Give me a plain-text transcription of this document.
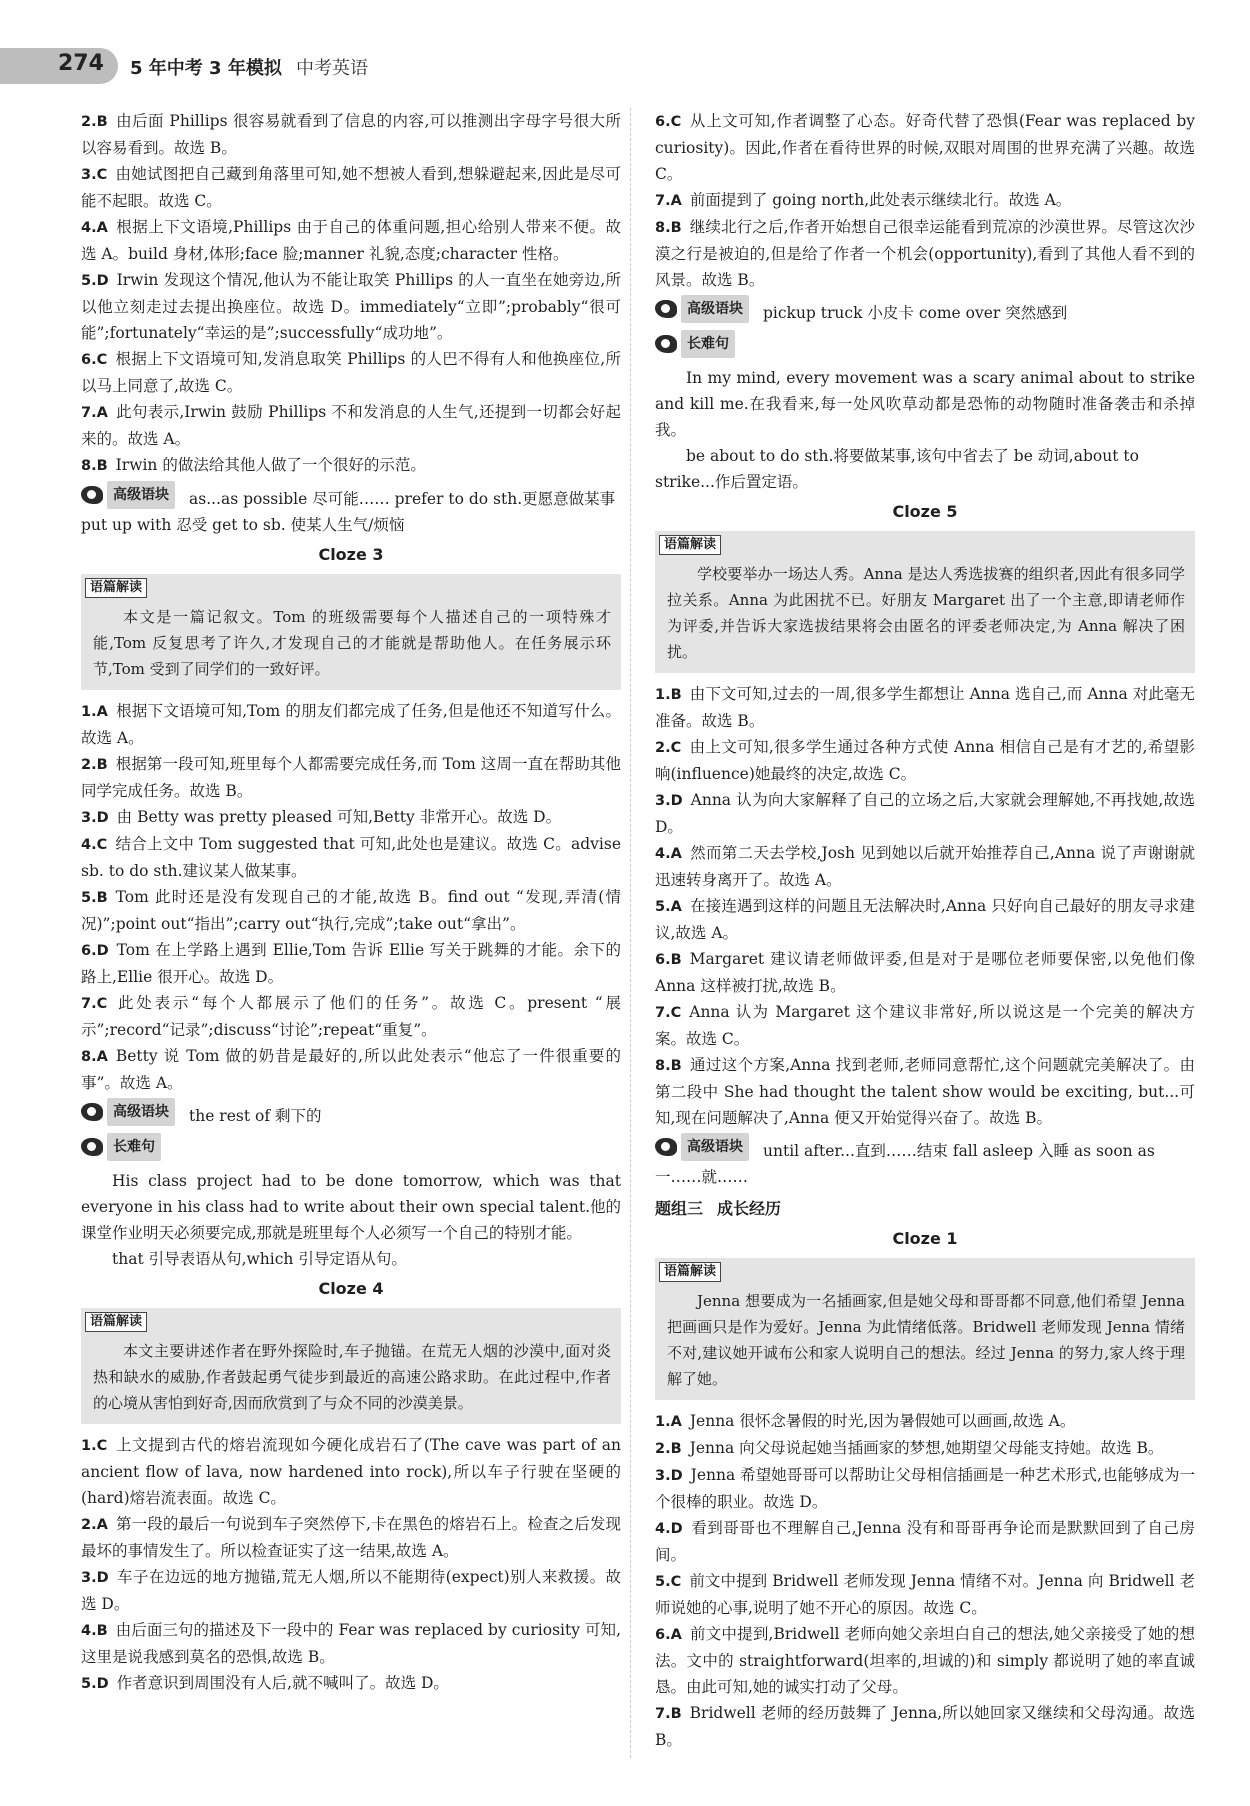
274 5 年中考 3 年模拟 中考英语
2.B 由后面 Phillips 很容易就看到了信息的内容,可以推测出字母字号很大所以容易看到。故选 B。
3.C 由她试图把自己藏到角落里可知,她不想被人看到,想躲避起来,因此是尽可能不起眼。故选 C。
4.A 根据上下文语境,Phillips 由于自己的体重问题,担心给别人带来不便。故选 A。build 身材,体形;face 脸;manner 礼貌,态度;character 性格。
5.D Irwin 发现这个情况,他认为不能让取笑 Phillips 的人一直坐在她旁边,所以他立刻走过去提出换座位。故选 D。immediately“立即”;probably“很可能”;fortunately“幸运的是”;successfully“成功地”。
6.C 根据上下文语境可知,发消息取笑 Phillips 的人巴不得有人和他换座位,所以马上同意了,故选 C。
7.A 此句表示,Irwin 鼓励 Phillips 不和发消息的人生气,还提到一切都会好起来的。故选 A。
8.B Irwin 的做法给其他人做了一个很好的示范。
高级语块	as...as possible 尽可能…… prefer to do sth.更愿意做某事 put up with 忍受 get to sb. 使某人生气/烦恼
Cloze 3
语篇解读
本文是一篇记叙文。Tom 的班级需要每个人描述自己的一项特殊才能,Tom 反复思考了许久,才发现自己的才能就是帮助他人。在任务展示环节,Tom 受到了同学们的一致好评。
1.A 根据下文语境可知,Tom 的朋友们都完成了任务,但是他还不知道写什么。故选 A。
2.B 根据第一段可知,班里每个人都需要完成任务,而 Tom 这周一直在帮助其他同学完成任务。故选 B。
3.D 由 Betty was pretty pleased 可知,Betty 非常开心。故选 D。
4.C 结合上文中 Tom suggested that 可知,此处也是建议。故选 C。advise sb. to do sth.建议某人做某事。
5.B Tom 此时还是没有发现自己的才能,故选 B。find out “发现,弄清(情况)”;point out“指出”;carry out“执行,完成”;take out“拿出”。
6.D Tom 在上学路上遇到 Ellie,Tom 告诉 Ellie 写关于跳舞的才能。余下的路上,Ellie 很开心。故选 D。
7.C 此处表示“每个人都展示了他们的任务”。故选 C。present “展示”;record“记录”;discuss“讨论”;repeat“重复”。
8.A Betty 说 Tom 做的奶昔是最好的,所以此处表示“他忘了一件很重要的事”。故选 A。
高级语块	the rest of 剩下的
长难句
His class project had to be done tomorrow, which was that everyone in his class had to write about their own special talent.他的课堂作业明天必须要完成,那就是班里每个人必须写一个自己的特别才能。
that 引导表语从句,which 引导定语从句。
Cloze 4
语篇解读
本文主要讲述作者在野外探险时,车子抛锚。在荒无人烟的沙漠中,面对炎热和缺水的威胁,作者鼓起勇气徒步到最近的高速公路求助。在此过程中,作者的心境从害怕到好奇,因而欣赏到了与众不同的沙漠美景。
1.C 上文提到古代的熔岩流现如今硬化成岩石了(The cave was part of an ancient flow of lava, now hardened into rock),所以车子行驶在坚硬的(hard)熔岩流表面。故选 C。
2.A 第一段的最后一句说到车子突然停下,卡在黑色的熔岩石上。检查之后发现最坏的事情发生了。所以检查证实了这一结果,故选 A。
3.D 车子在边远的地方抛锚,荒无人烟,所以不能期待(expect)别人来救援。故选 D。
4.B 由后面三句的描述及下一段中的 Fear was replaced by curiosity 可知,这里是说我感到莫名的恐惧,故选 B。
5.D 作者意识到周围没有人后,就不喊叫了。故选 D。
6.C 从上文可知,作者调整了心态。好奇代替了恐惧(Fear was replaced by curiosity)。因此,作者在看待世界的时候,双眼对周围的世界充满了兴趣。故选 C。
7.A 前面提到了 going north,此处表示继续北行。故选 A。
8.B 继续北行之后,作者开始想自己很幸运能看到荒凉的沙漠世界。尽管这次沙漠之行是被迫的,但是给了作者一个机会(opportunity),看到了其他人看不到的风景。故选 B。
高级语块	pickup truck 小皮卡 come over 突然感到
长难句
In my mind, every movement was a scary animal about to strike and kill me.在我看来,每一处风吹草动都是恐怖的动物随时准备袭击和杀掉我。
be about to do sth.将要做某事,该句中省去了 be 动词,about to strike...作后置定语。
Cloze 5
语篇解读
学校要举办一场达人秀。Anna 是达人秀选拔赛的组织者,因此有很多同学拉关系。Anna 为此困扰不已。好朋友 Margaret 出了一个主意,即请老师作为评委,并告诉大家选拔结果将会由匿名的评委老师决定,为 Anna 解决了困扰。
1.B 由下文可知,过去的一周,很多学生都想让 Anna 选自己,而 Anna 对此毫无准备。故选 B。
2.C 由上文可知,很多学生通过各种方式使 Anna 相信自己是有才艺的,希望影响(influence)她最终的决定,故选 C。
3.D Anna 认为向大家解释了自己的立场之后,大家就会理解她,不再找她,故选 D。
4.A 然而第二天去学校,Josh 见到她以后就开始推荐自己,Anna 说了声谢谢就迅速转身离开了。故选 A。
5.A 在接连遇到这样的问题且无法解决时,Anna 只好向自己最好的朋友寻求建议,故选 A。
6.B Margaret 建议请老师做评委,但是对于是哪位老师要保密,以免他们像 Anna 这样被打扰,故选 B。
7.C Anna 认为 Margaret 这个建议非常好,所以说这是一个完美的解决方案。故选 C。
8.B 通过这个方案,Anna 找到老师,老师同意帮忙,这个问题就完美解决了。由第二段中 She had thought the talent show would be exciting, but...可知,现在问题解决了,Anna 便又开始觉得兴奋了。故选 B。
高级语块	until after...直到……结束 fall asleep 入睡 as soon as 一……就……
题组三 成长经历
Cloze 1
语篇解读
Jenna 想要成为一名插画家,但是她父母和哥哥都不同意,他们希望 Jenna 把画画只是作为爱好。Jenna 为此情绪低落。Bridwell 老师发现 Jenna 情绪不对,建议她开诚布公和家人说明自己的想法。经过 Jenna 的努力,家人终于理解了她。
1.A Jenna 很怀念暑假的时光,因为暑假她可以画画,故选 A。
2.B Jenna 向父母说起她当插画家的梦想,她期望父母能支持她。故选 B。
3.D Jenna 希望她哥哥可以帮助让父母相信插画是一种艺术形式,也能够成为一个很棒的职业。故选 D。
4.D 看到哥哥也不理解自己,Jenna 没有和哥哥再争论而是默默回到了自己房间。
5.C 前文中提到 Bridwell 老师发现 Jenna 情绪不对。Jenna 向 Bridwell 老师说她的心事,说明了她不开心的原因。故选 C。
6.A 前文中提到,Bridwell 老师向她父亲坦白自己的想法,她父亲接受了她的想法。文中的 straightforward(坦率的,坦诚的)和 simply 都说明了她的率直诚恳。由此可知,她的诚实打动了父母。
7.B Bridwell 老师的经历鼓舞了 Jenna,所以她回家又继续和父母沟通。故选 B。
